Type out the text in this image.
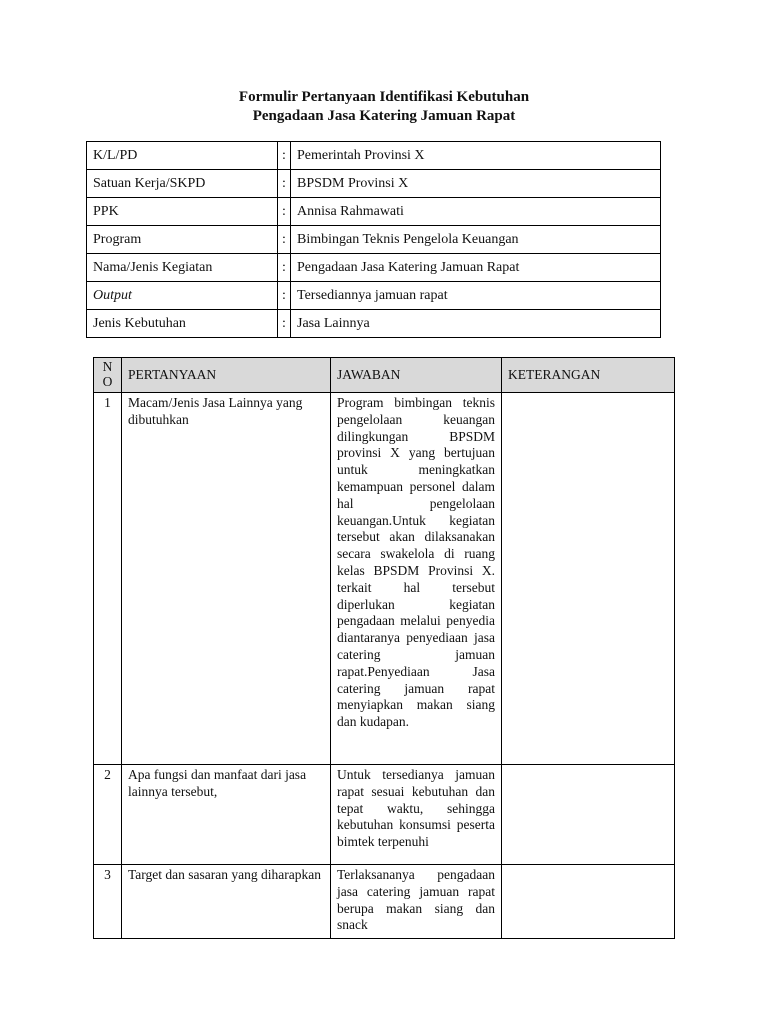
Formulir Pertanyaan Identifikasi Kebutuhan
Pengadaan Jasa Katering Jamuan Rapat
K/L/PD	:	Pemerintah Provinsi X
Satuan Kerja/SKPD	:	BPSDM Provinsi X
PPK	:	Annisa Rahmawati
Program	:	Bimbingan Teknis Pengelola Keuangan
Nama/Jenis Kegiatan	:	Pengadaan Jasa Katering Jamuan Rapat
Output	:	Tersediannya jamuan rapat
Jenis Kebutuhan	:	Jasa Lainnya
N
O	PERTANYAAN	JAWABAN	KETERANGAN
1	Macam/Jenis Jasa Lainnya yang dibutuhkan	Program bimbingan teknis pengelolaan keuangan dilingkungan BPSDM provinsi X yang bertujuan untuk meningkatkan kemampuan personel dalam hal pengelolaan keuangan.Untuk kegiatan tersebut akan dilaksanakan secara swakelola di ruang kelas BPSDM Provinsi X. terkait hal tersebut diperlukan kegiatan pengadaan melalui penyedia diantaranya penyediaan jasa catering jamuan rapat.Penyediaan Jasa catering jamuan rapat menyiapkan makan siang dan kudapan.	
2	Apa fungsi dan manfaat dari jasa lainnya tersebut,	Untuk tersedianya jamuan rapat sesuai kebutuhan dan tepat waktu, sehingga kebutuhan konsumsi peserta bimtek terpenuhi	
3	Target dan sasaran yang diharapkan	Terlaksananya pengadaan jasa catering jamuan rapat berupa makan siang dan snack	
